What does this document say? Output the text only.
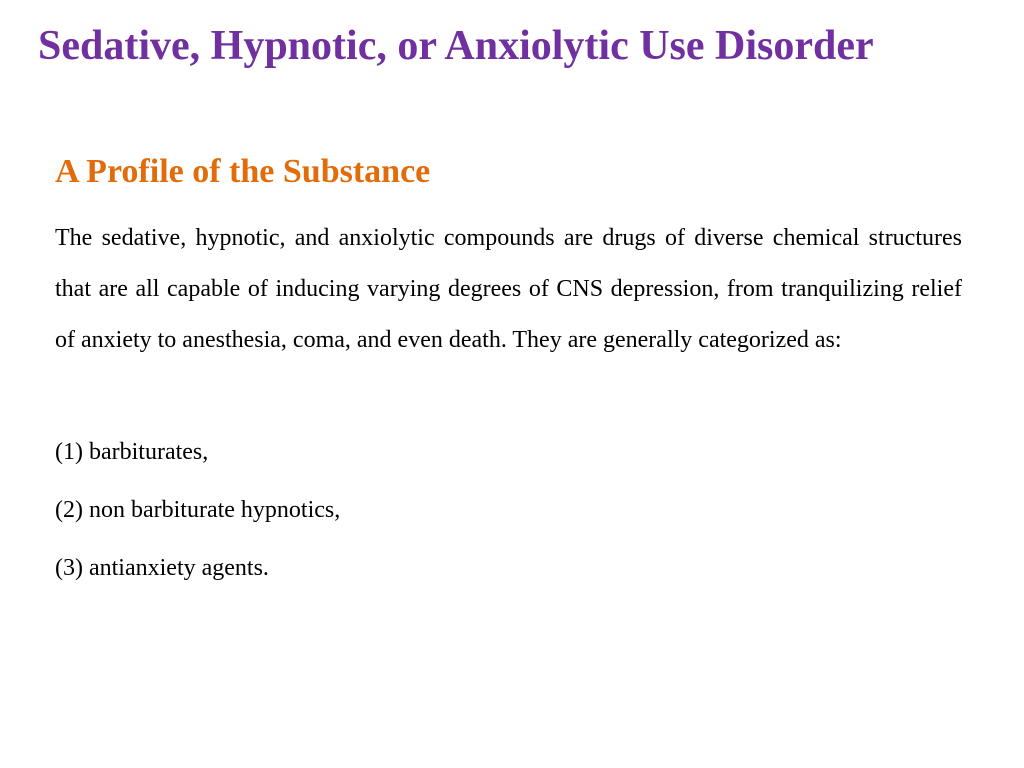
Sedative, Hypnotic, or Anxiolytic Use Disorder
A Profile of the Substance

The sedative, hypnotic, and anxiolytic compounds are drugs of diverse chemical structures that are all capable of inducing varying degrees of CNS depression, from tranquilizing relief of anxiety to anesthesia, coma, and even death. They are generally categorized as:

(1) barbiturates,
(2) non barbiturate hypnotics,
(3) antianxiety agents.
